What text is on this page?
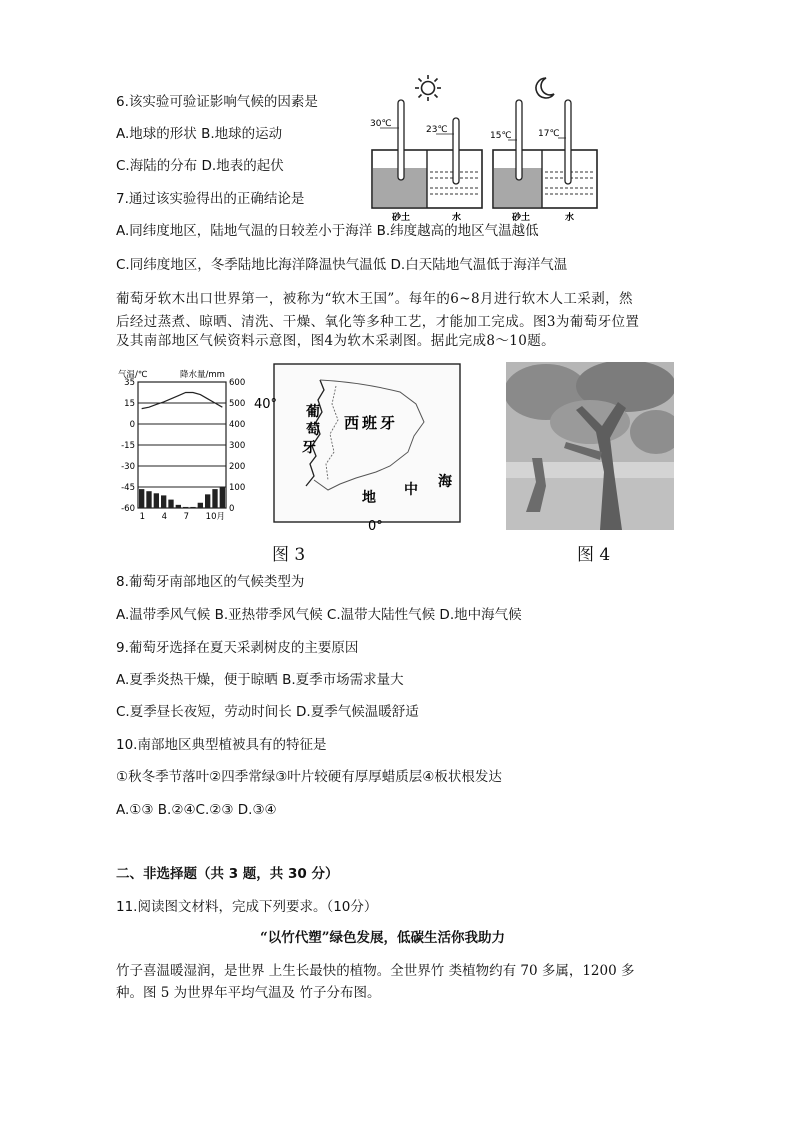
6.该实验可验证影响气候的因素是
A.地球的形状 B.地球的运动
C.海陆的分布 D.地表的起伏
7.通过该实验得出的正确结论是
A.同纬度地区，陆地气温的日较差小于海洋 B.纬度越高的地区气温越低
C.同纬度地区，冬季陆地比海洋降温快气温低 D.白天陆地气温低于海洋气温
30℃
23℃
砂土	水
15℃	17℃
砂土	水
葡萄牙软木出口世界第一，被称为“软木王国”。每年的6~8月进行软木人工采剥，然
后经过蒸煮、晾晒、清洗、干燥、氧化等多种工艺，才能加工完成。图3为葡萄牙位置
及其南部地区气候资料示意图，图4为软木采剥图。据此完成8〜10题。
气温/℃	降水量/mm
35
15
0
-15
-30
-45
-60
600
500
400
300
200
100
0
1 4 7 10月
40°
0°
葡
萄
牙
西班牙
地 中 海
图 3	图 4
8.葡萄牙南部地区的气候类型为
A.温带季风气候 B.亚热带季风气候 C.温带大陆性气候 D.地中海气候
9.葡萄牙选择在夏天采剥树皮的主要原因
A.夏季炎热干燥，便于晾晒 B.夏季市场需求量大
C.夏季昼长夜短，劳动时间长 D.夏季气候温暖舒适
10.南部地区典型植被具有的特征是
①秋冬季节落叶②四季常绿③叶片较硬有厚厚蜡质层④板状根发达
A.①③ B.②④C.②③ D.③④
二、非选择题（共 3 题，共 30 分）
11.阅读图文材料，完成下列要求。（10分）
“以竹代塑”绿色发展，低碳生活你我助力
竹子喜温暖湿润，是世界 上生长最快的植物。全世界竹 类植物约有 70 多属，1200 多
种。图 5 为世界年平均气温及 竹子分布图。
